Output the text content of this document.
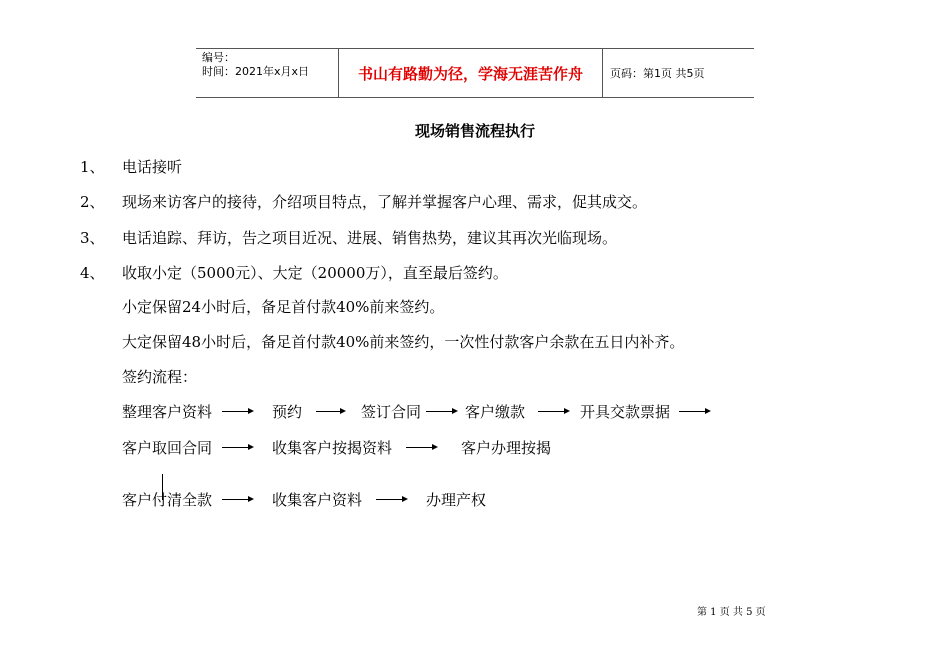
编号：
时间：2021年x月x日	书山有路勤为径，学海无涯苦作舟	页码：第1页 共5页
现场销售流程执行
1、 电话接听
2、 现场来访客户的接待，介绍项目特点，了解并掌握客户心理、需求，促其成交。
3、 电话追踪、拜访，告之项目近况、进展、销售热势，建议其再次光临现场。
4、 收取小定（5000元）、大定（20000万），直至最后签约。
小定保留24小时后，备足首付款40%前来签约。
大定保留48小时后，备足首付款40%前来签约，一次性付款客户余款在五日内补齐。
签约流程：
整理客户资料	预约	签订合同	客户缴款	开具交款票据
客户取回合同	收集客户按揭资料	客户办理按揭
客户付清全款	收集客户资料	办理产权
第 1 页 共 5 页
